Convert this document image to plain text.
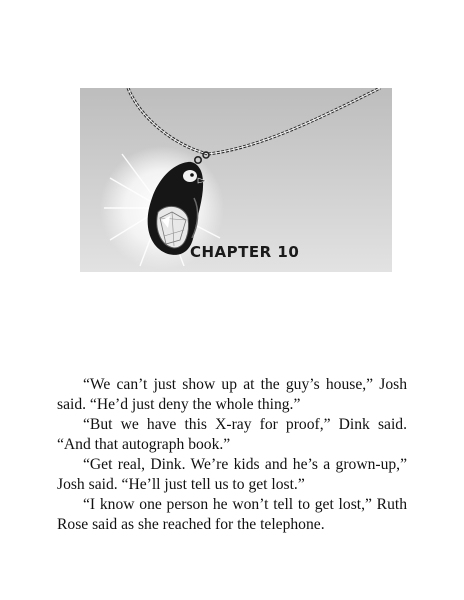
CHAPTER 10

“We can’t just show up at the guy’s house,” Josh said. “He’d just deny the whole thing.”

“But we have this X-ray for proof,” Dink said. “And that autograph book.”

“Get real, Dink. We’re kids and he’s a grown-up,” Josh said. “He’ll just tell us to get lost.”

“I know one person he won’t tell to get lost,” Ruth Rose said as she reached for the telephone.
